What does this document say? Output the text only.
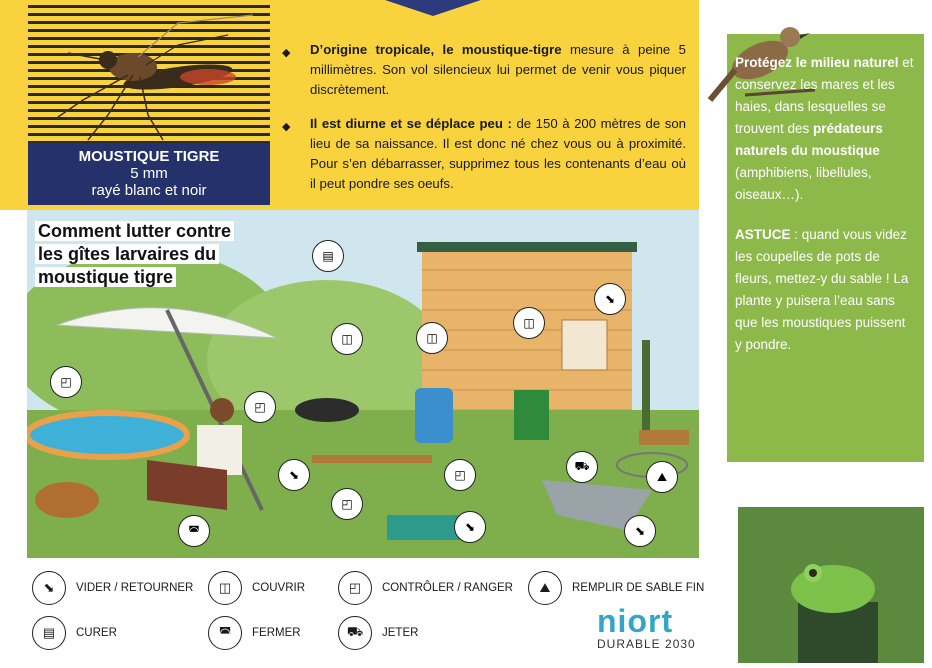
MOUSTIQUE TIGRE
5 mm
rayé blanc et noir
◆ D’origine tropicale, le moustique-tigre mesure à peine 5 millimètres. Son vol silencieux lui permet de venir vous piquer discrètement.
◆ Il est diurne et se déplace peu : de 150 à 200 mètres de son lieu de sa naissance. Il est donc né chez vous ou à proximité. Pour s’en débarrasser, supprimez tous les contenants d’eau où il peut pondre ses oeufs.
Comment lutter contre
les gîtes larvaires du
moustique tigre
▤
◰
◫	◫
◫
⬊
◰
⬊	◰
◰
◚	⬊
⛟
⛰
⬊
⬊	VIDER / RETOURNER	◫	COUVRIR	◰	CONTRÔLER / RANGER	⛰	REMPLIR DE SABLE FIN
▤	CURER	◚	FERMER	⛟	JETER	niort
DURABLE 2030

Protégez le milieu naturel et conservez les mares et les haies, dans lesquelles se trouvent des prédateurs naturels du moustique (amphibiens, libellules, oiseaux…).

ASTUCE : quand vous videz les coupelles de pots de fleurs, mettez-y du sable ! La plante y puisera l’eau sans que les moustiques puissent y pondre.
